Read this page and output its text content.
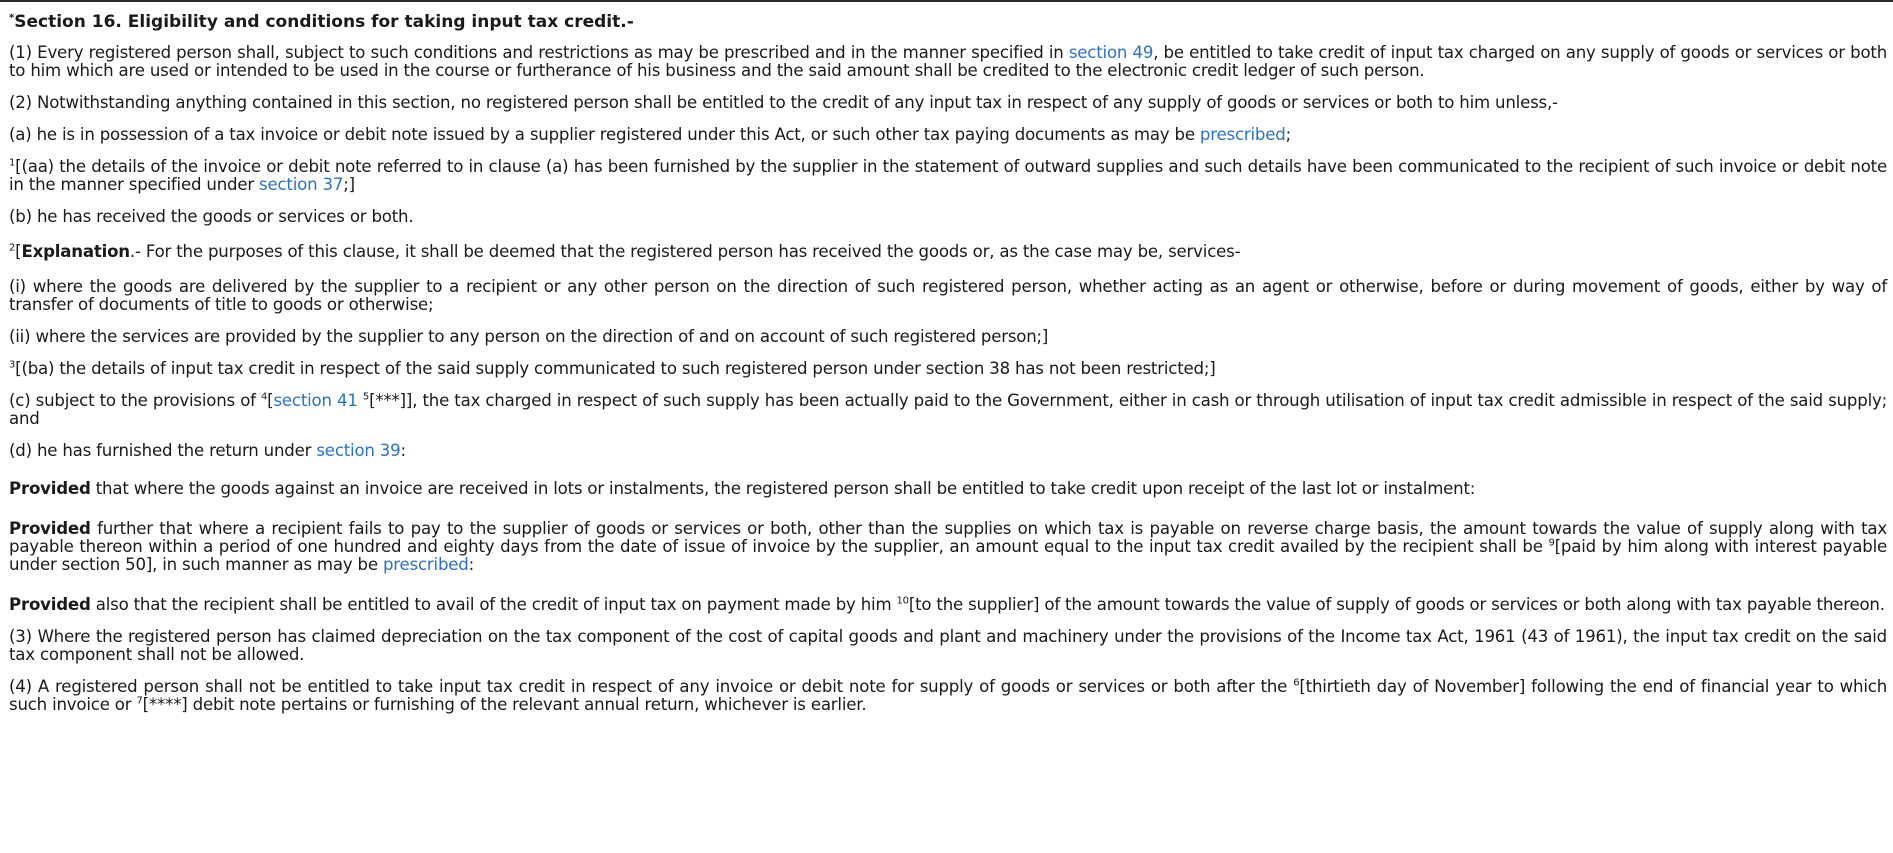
*Section 16. Eligibility and conditions for taking input tax credit.-

(1) Every registered person shall, subject to such conditions and restrictions as may be prescribed and in the manner specified in section 49, be entitled to take credit of input tax charged on any supply of goods or services or both to him which are used or intended to be used in the course or furtherance of his business and the said amount shall be credited to the electronic credit ledger of such person.

(2) Notwithstanding anything contained in this section, no registered person shall be entitled to the credit of any input tax in respect of any supply of goods or services or both to him unless,-

(a) he is in possession of a tax invoice or debit note issued by a supplier registered under this Act, or such other tax paying documents as may be prescribed;

$^1$[(aa) the details of the invoice or debit note referred to in clause (a) has been furnished by the supplier in the statement of outward supplies and such details have been communicated to the recipient of such invoice or debit note in the manner specified under section 37;]

(b) he has received the goods or services or both.

$^2$[Explanation.- For the purposes of this clause, it shall be deemed that the registered person has received the goods or, as the case may be, services-

(i) where the goods are delivered by the supplier to a recipient or any other person on the direction of such registered person, whether acting as an agent or otherwise, before or during movement of goods, either by way of transfer of documents of title to goods or otherwise;

(ii) where the services are provided by the supplier to any person on the direction of and on account of such registered person;]

$^3$[(ba) the details of input tax credit in respect of the said supply communicated to such registered person under section 38 has not been restricted;]

(c) subject to the provisions of $^4$[section 41 $^5$[***]], the tax charged in respect of such supply has been actually paid to the Government, either in cash or through utilisation of input tax credit admissible in respect of the said supply; and

(d) he has furnished the return under section 39:

Provided that where the goods against an invoice are received in lots or instalments, the registered person shall be entitled to take credit upon receipt of the last lot or instalment:

Provided further that where a recipient fails to pay to the supplier of goods or services or both, other than the supplies on which tax is payable on reverse charge basis, the amount towards the value of supply along with tax payable thereon within a period of one hundred and eighty days from the date of issue of invoice by the supplier, an amount equal to the input tax credit availed by the recipient shall be $^9$[paid by him along with interest payable under section 50], in such manner as may be prescribed:

Provided also that the recipient shall be entitled to avail of the credit of input tax on payment made by him $^{10}$[to the supplier] of the amount towards the value of supply of goods or services or both along with tax payable thereon.

(3) Where the registered person has claimed depreciation on the tax component of the cost of capital goods and plant and machinery under the provisions of the Income tax Act, 1961 (43 of 1961), the input tax credit on the said tax component shall not be allowed.

(4) A registered person shall not be entitled to take input tax credit in respect of any invoice or debit note for supply of goods or services or both after the $^6$[thirtieth day of November] following the end of financial year to which such invoice or $^7$[****] debit note pertains or furnishing of the relevant annual return, whichever is earlier.
